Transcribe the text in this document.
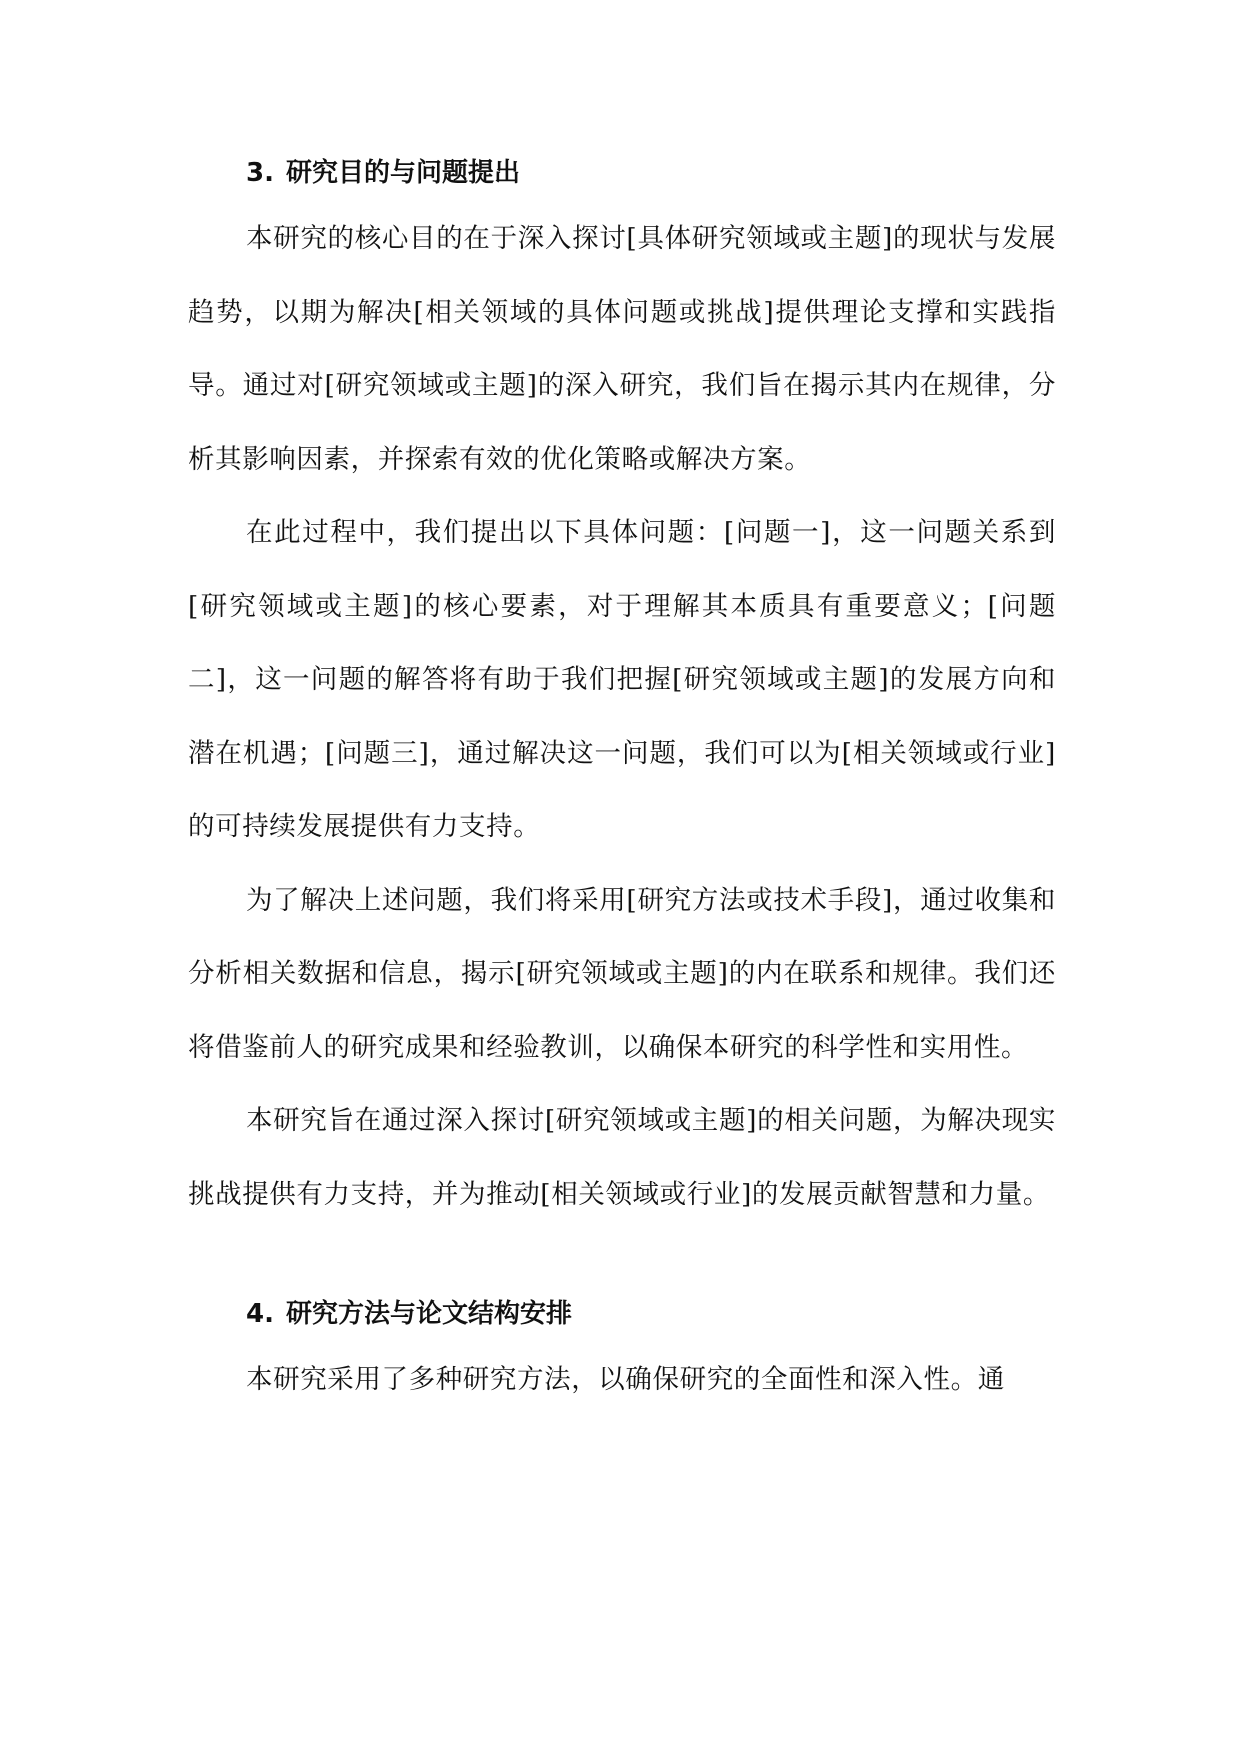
3. 研究目的与问题提出

本研究的核心目的在于深入探讨[具体研究领域或主题]的现状与发展趋势，以期为解决[相关领域的具体问题或挑战]提供理论支撑和实践指导。通过对[研究领域或主题]的深入研究，我们旨在揭示其内在规律，分析其影响因素，并探索有效的优化策略或解决方案。

在此过程中，我们提出以下具体问题：[问题一]，这一问题关系到[研究领域或主题]的核心要素，对于理解其本质具有重要意义；[问题二]，这一问题的解答将有助于我们把握[研究领域或主题]的发展方向和潜在机遇；[问题三]，通过解决这一问题，我们可以为[相关领域或行业]的可持续发展提供有力支持。

为了解决上述问题，我们将采用[研究方法或技术手段]，通过收集和分析相关数据和信息，揭示[研究领域或主题]的内在联系和规律。我们还将借鉴前人的研究成果和经验教训，以确保本研究的科学性和实用性。

本研究旨在通过深入探讨[研究领域或主题]的相关问题，为解决现实挑战提供有力支持，并为推动[相关领域或行业]的发展贡献智慧和力量。

4. 研究方法与论文结构安排

本研究采用了多种研究方法，以确保研究的全面性和深入性。通
